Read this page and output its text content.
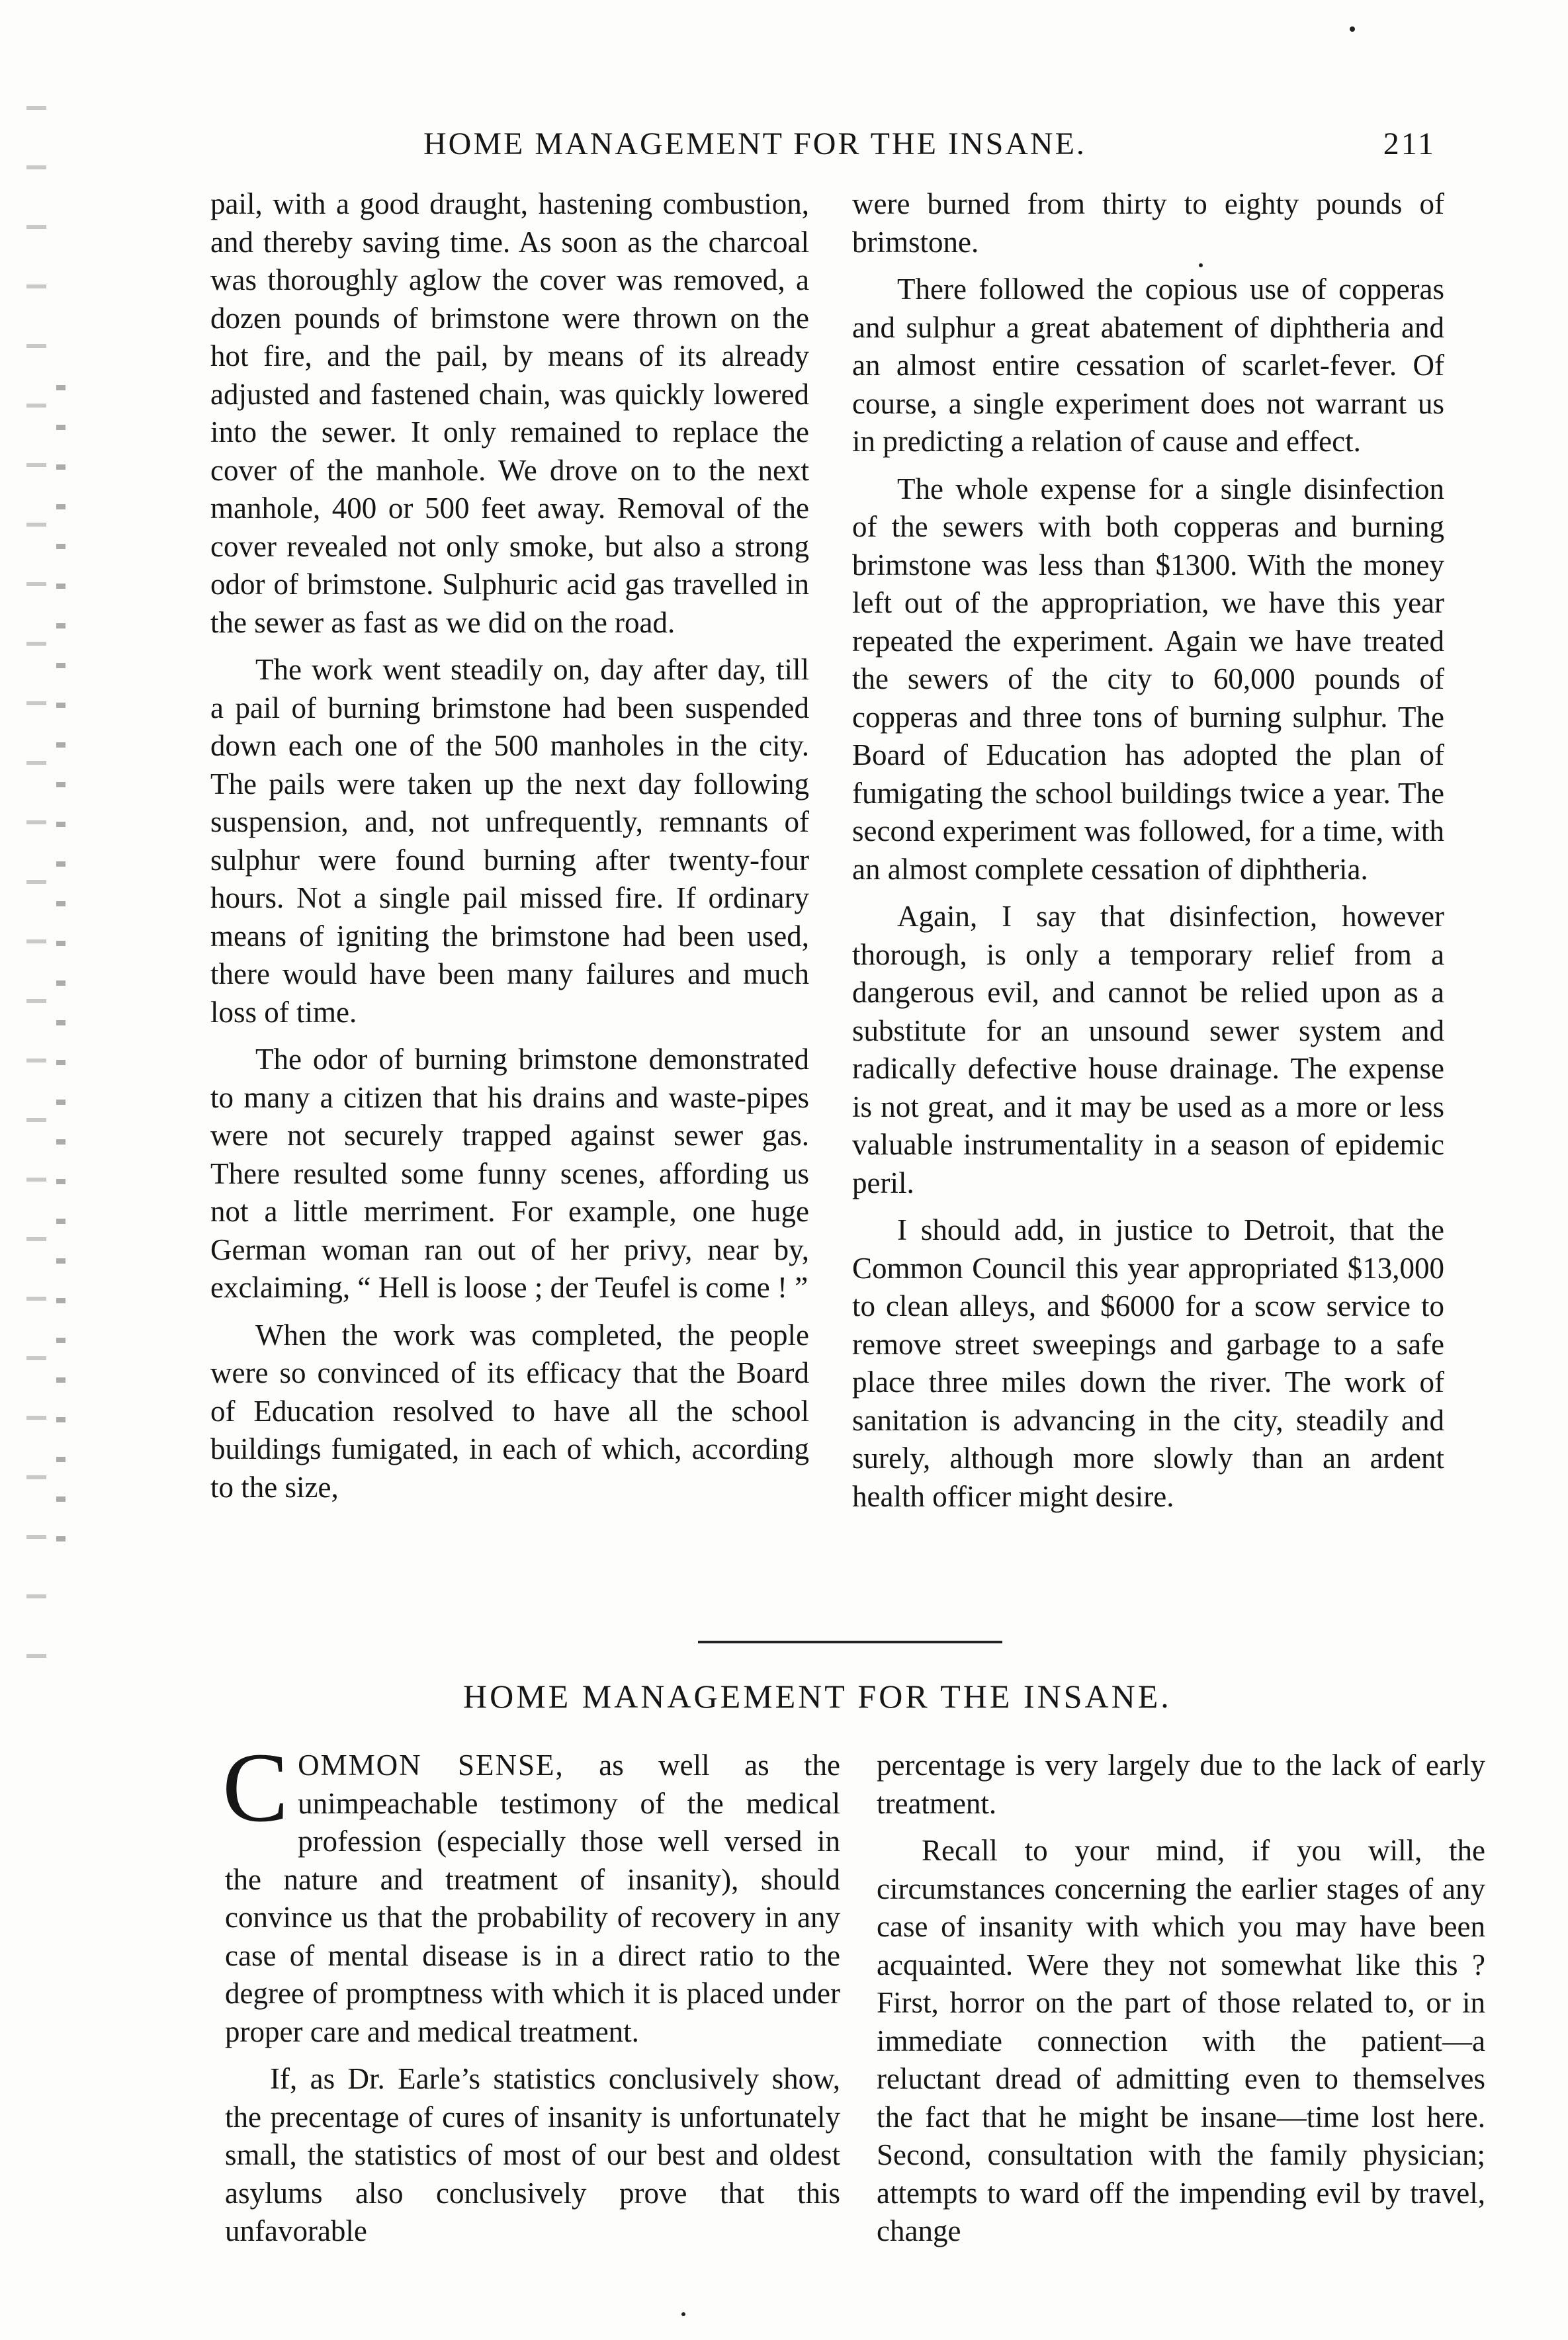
HOME MANAGEMENT FOR THE INSANE.	211

pail, with a good draught, hastening combustion, and thereby saving time. As soon as the charcoal was thoroughly aglow the cover was removed, a dozen pounds of brimstone were thrown on the hot fire, and the pail, by means of its already adjusted and fastened chain, was quickly lowered into the sewer. It only remained to replace the cover of the manhole. We drove on to the next manhole, 400 or 500 feet away. Removal of the cover revealed not only smoke, but also a strong odor of brimstone. Sulphuric acid gas travelled in the sewer as fast as we did on the road.

The work went steadily on, day after day, till a pail of burning brimstone had been suspended down each one of the 500 manholes in the city. The pails were taken up the next day following suspension, and, not unfrequently, remnants of sulphur were found burning after twenty-four hours. Not a single pail missed fire. If ordinary means of igniting the brimstone had been used, there would have been many failures and much loss of time.

The odor of burning brimstone demonstrated to many a citizen that his drains and waste-pipes were not securely trapped against sewer gas. There resulted some funny scenes, affording us not a little merriment. For example, one huge German woman ran out of her privy, near by, exclaiming, “ Hell is loose ; der Teufel is come ! ”

When the work was completed, the people were so convinced of its efficacy that the Board of Education resolved to have all the school buildings fumigated, in each of which, according to the size,

were burned from thirty to eighty pounds of brimstone.

There followed the copious use of copperas and sulphur a great abatement of diphtheria and an almost entire cessation of scarlet-fever. Of course, a single experiment does not warrant us in predicting a relation of cause and effect.

The whole expense for a single disinfection of the sewers with both copperas and burning brimstone was less than $1300. With the money left out of the appropriation, we have this year repeated the experiment. Again we have treated the sewers of the city to 60,000 pounds of copperas and three tons of burning sulphur. The Board of Education has adopted the plan of fumigating the school buildings twice a year. The second experiment was followed, for a time, with an almost complete cessation of diphtheria.

Again, I say that disinfection, however thorough, is only a temporary relief from a dangerous evil, and cannot be relied upon as a substitute for an unsound sewer system and radically defective house drainage. The expense is not great, and it may be used as a more or less valuable instrumentality in a season of epidemic peril.

I should add, in justice to Detroit, that the Common Council this year appropriated $13,000 to clean alleys, and $6000 for a scow service to remove street sweepings and garbage to a safe place three miles down the river. The work of sanitation is advancing in the city, steadily and surely, although more slowly than an ardent health officer might desire.

HOME MANAGEMENT FOR THE INSANE.

COMMON SENSE, as well as the unimpeachable testimony of the medical profession (especially those well versed in the nature and treatment of insanity), should convince us that the probability of recovery in any case of mental disease is in a direct ratio to the degree of promptness with which it is placed under proper care and medical treatment.

If, as Dr. Earle’s statistics conclusively show, the precentage of cures of insanity is unfortunately small, the statistics of most of our best and oldest asylums also conclusively prove that this unfavorable

percentage is very largely due to the lack of early treatment.

Recall to your mind, if you will, the circumstances concerning the earlier stages of any case of insanity with which you may have been acquainted. Were they not somewhat like this ? First, horror on the part of those related to, or in immediate connection with the patient—a reluctant dread of admitting even to themselves the fact that he might be insane—time lost here. Second, consultation with the family physician; attempts to ward off the impending evil by travel, change
